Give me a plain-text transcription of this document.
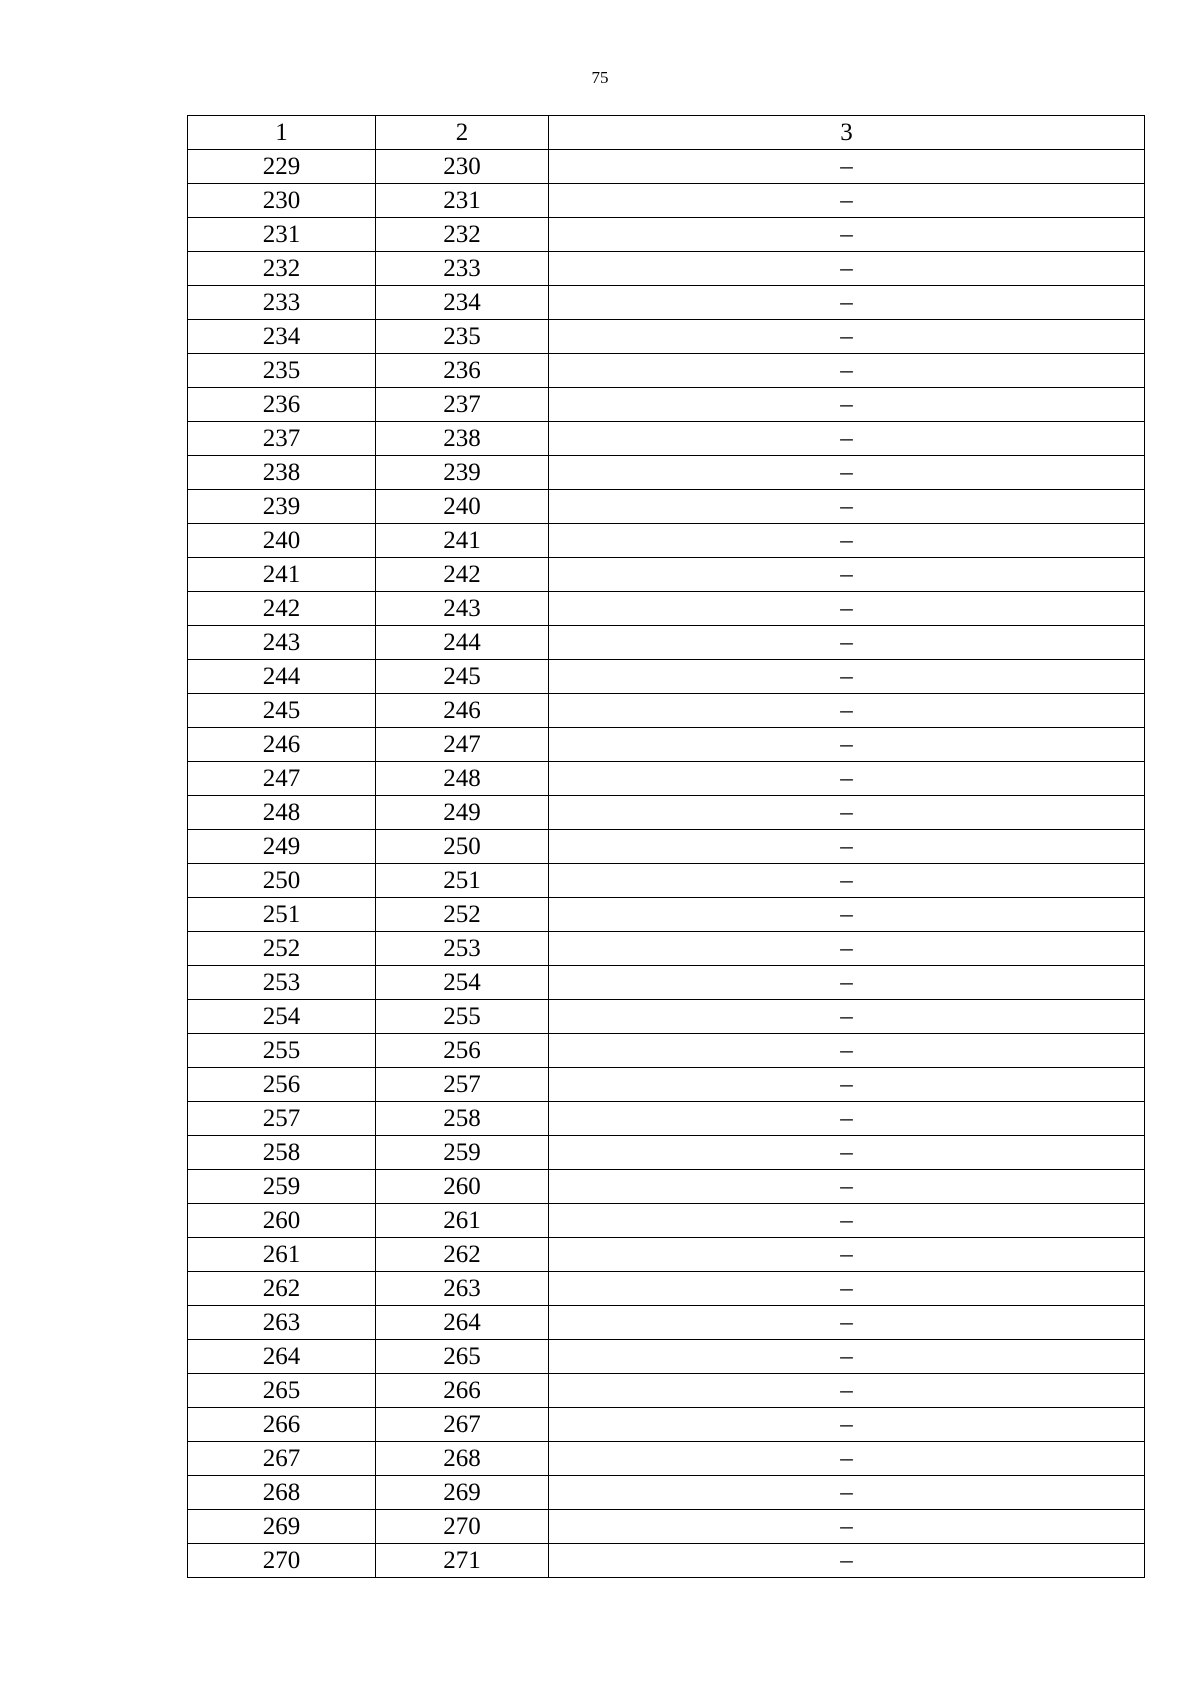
75
1	2	3
229	230	–
230	231	–
231	232	–
232	233	–
233	234	–
234	235	–
235	236	–
236	237	–
237	238	–
238	239	–
239	240	–
240	241	–
241	242	–
242	243	–
243	244	–
244	245	–
245	246	–
246	247	–
247	248	–
248	249	–
249	250	–
250	251	–
251	252	–
252	253	–
253	254	–
254	255	–
255	256	–
256	257	–
257	258	–
258	259	–
259	260	–
260	261	–
261	262	–
262	263	–
263	264	–
264	265	–
265	266	–
266	267	–
267	268	–
268	269	–
269	270	–
270	271	–
